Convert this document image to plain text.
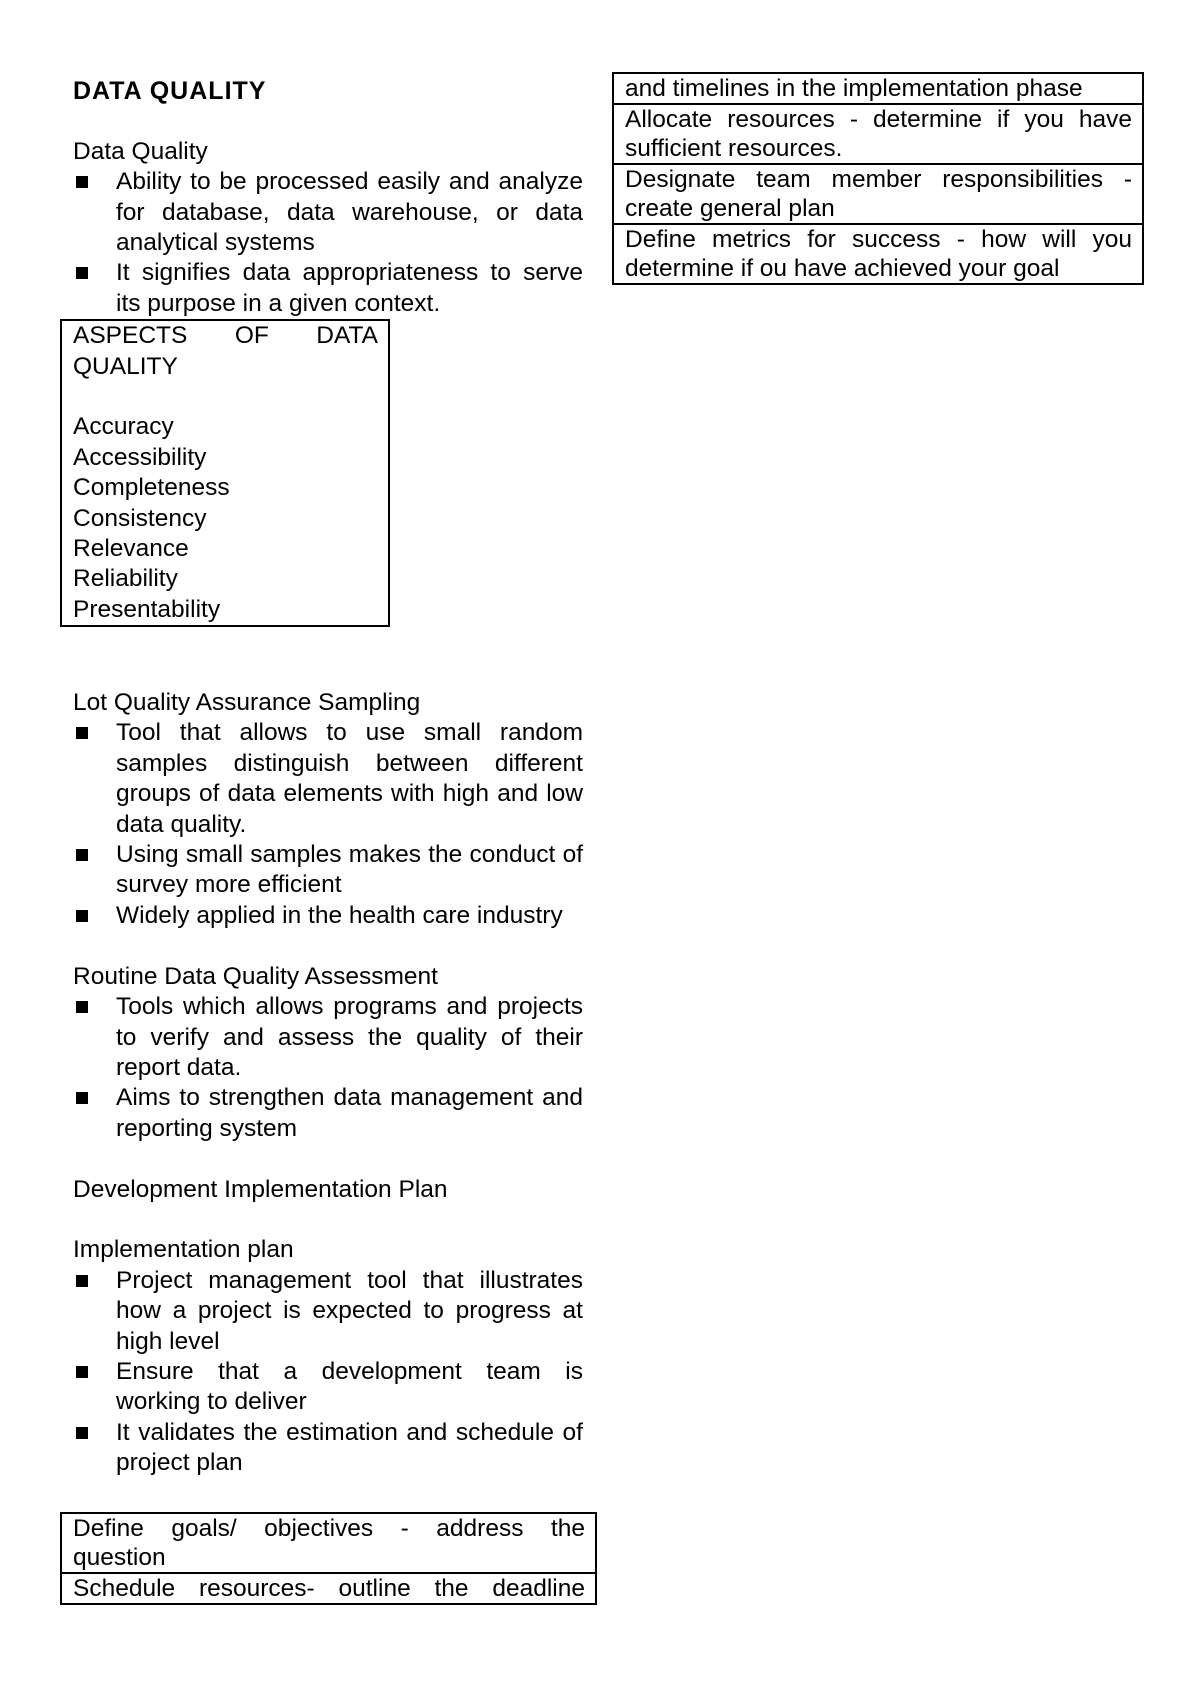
DATA QUALITY
Data Quality
Ability to be processed easily and analyze for database, data warehouse, or data analytical systems
It signifies data appropriateness to serve its purpose in a given context.
ASPECTS OF DATA
QUALITY
Accuracy
Accessibility
Completeness
Consistency
Relevance
Reliability
Presentability
Lot Quality Assurance Sampling
Tool that allows to use small random samples distinguish between different groups of data elements with high and low data quality.
Using small samples makes the conduct of survey more efficient
Widely applied in the health care industry
Routine Data Quality Assessment
Tools which allows programs and projects to verify and assess the quality of their report data.
Aims to strengthen data management and reporting system
Development Implementation Plan
Implementation plan
Project management tool that illustrates how a project is expected to progress at high level
Ensure that a development team is working to deliver
It validates the estimation and schedule of project plan
Define goals/ objectives - address the
question

Schedule resources- outline the deadline
and timelines in the implementation phase

Allocate resources - determine if you have
sufficient resources.

Designate team member responsibilities -
create general plan

Define metrics for success - how will you
determine if ou have achieved your goal
